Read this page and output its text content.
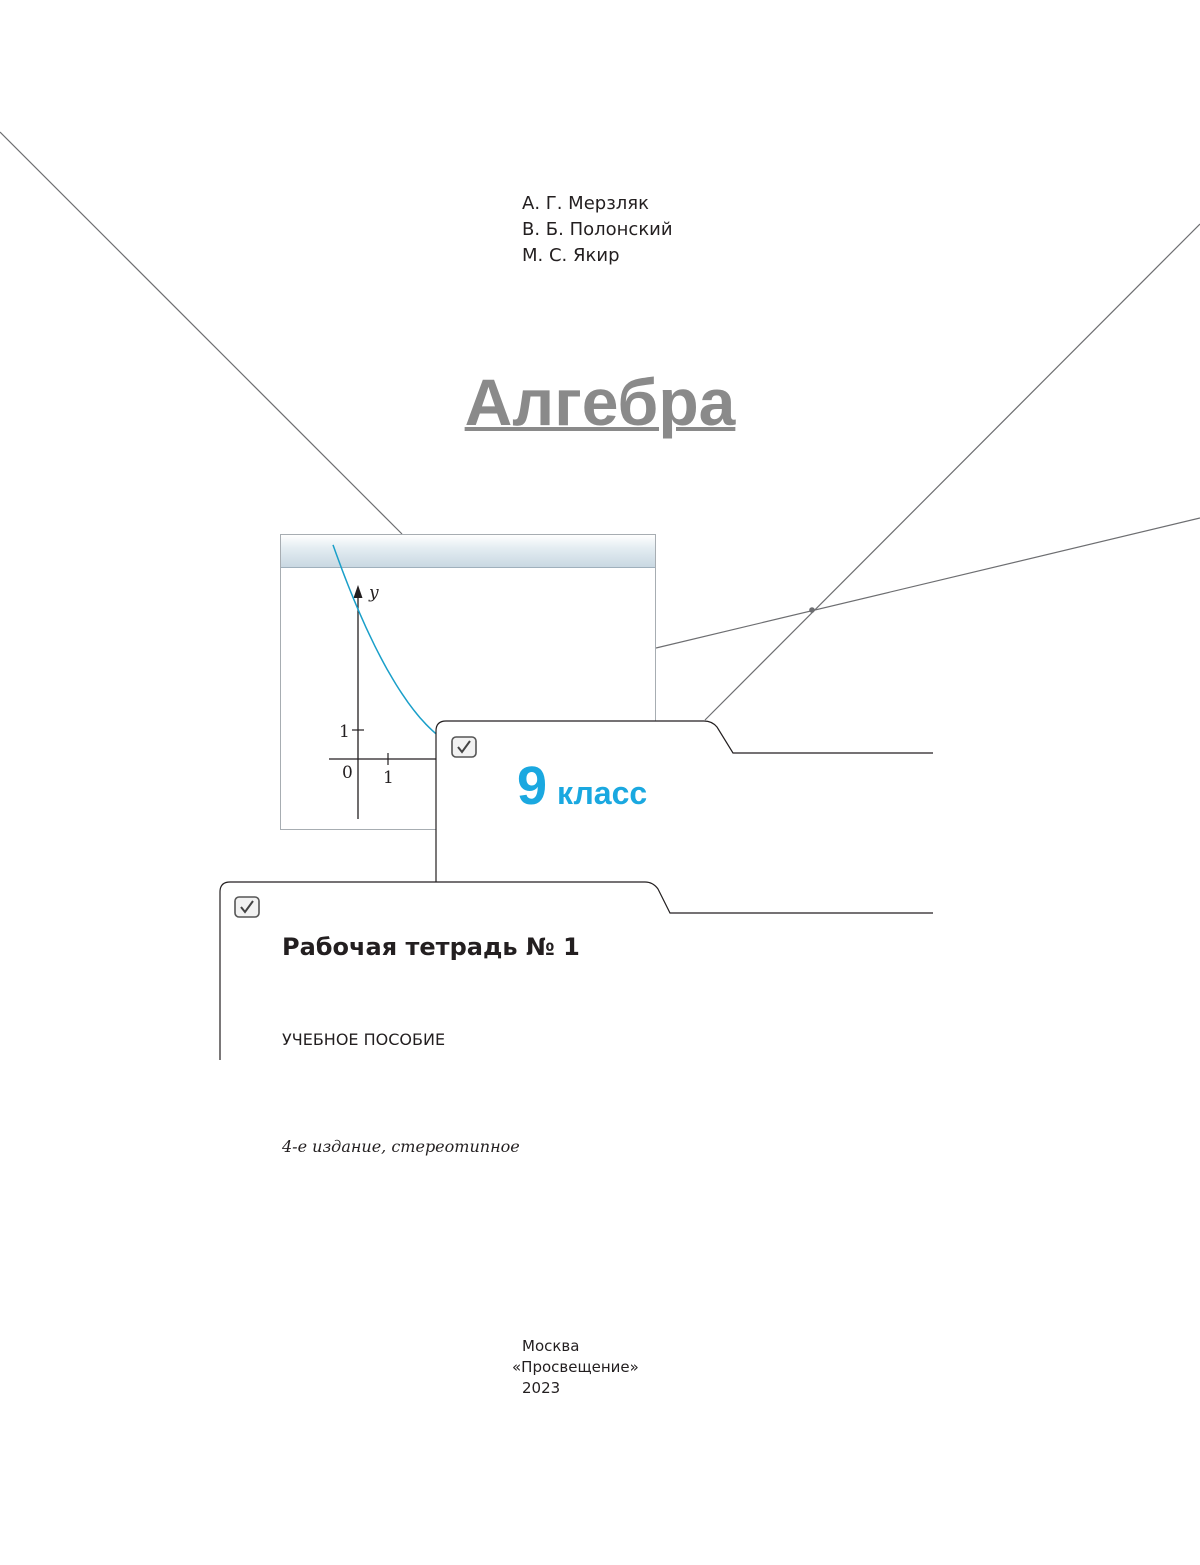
А. Г. Мерзляк
В. Б. Полонский
М. С. Якир
Алгебра
y
1
0 1 9 класс
Рабочая тетрадь № 1
УЧЕБНОЕ ПОСОБИЕ
4-е издание, стереотипное
Москва
«Просвещение»
2023
